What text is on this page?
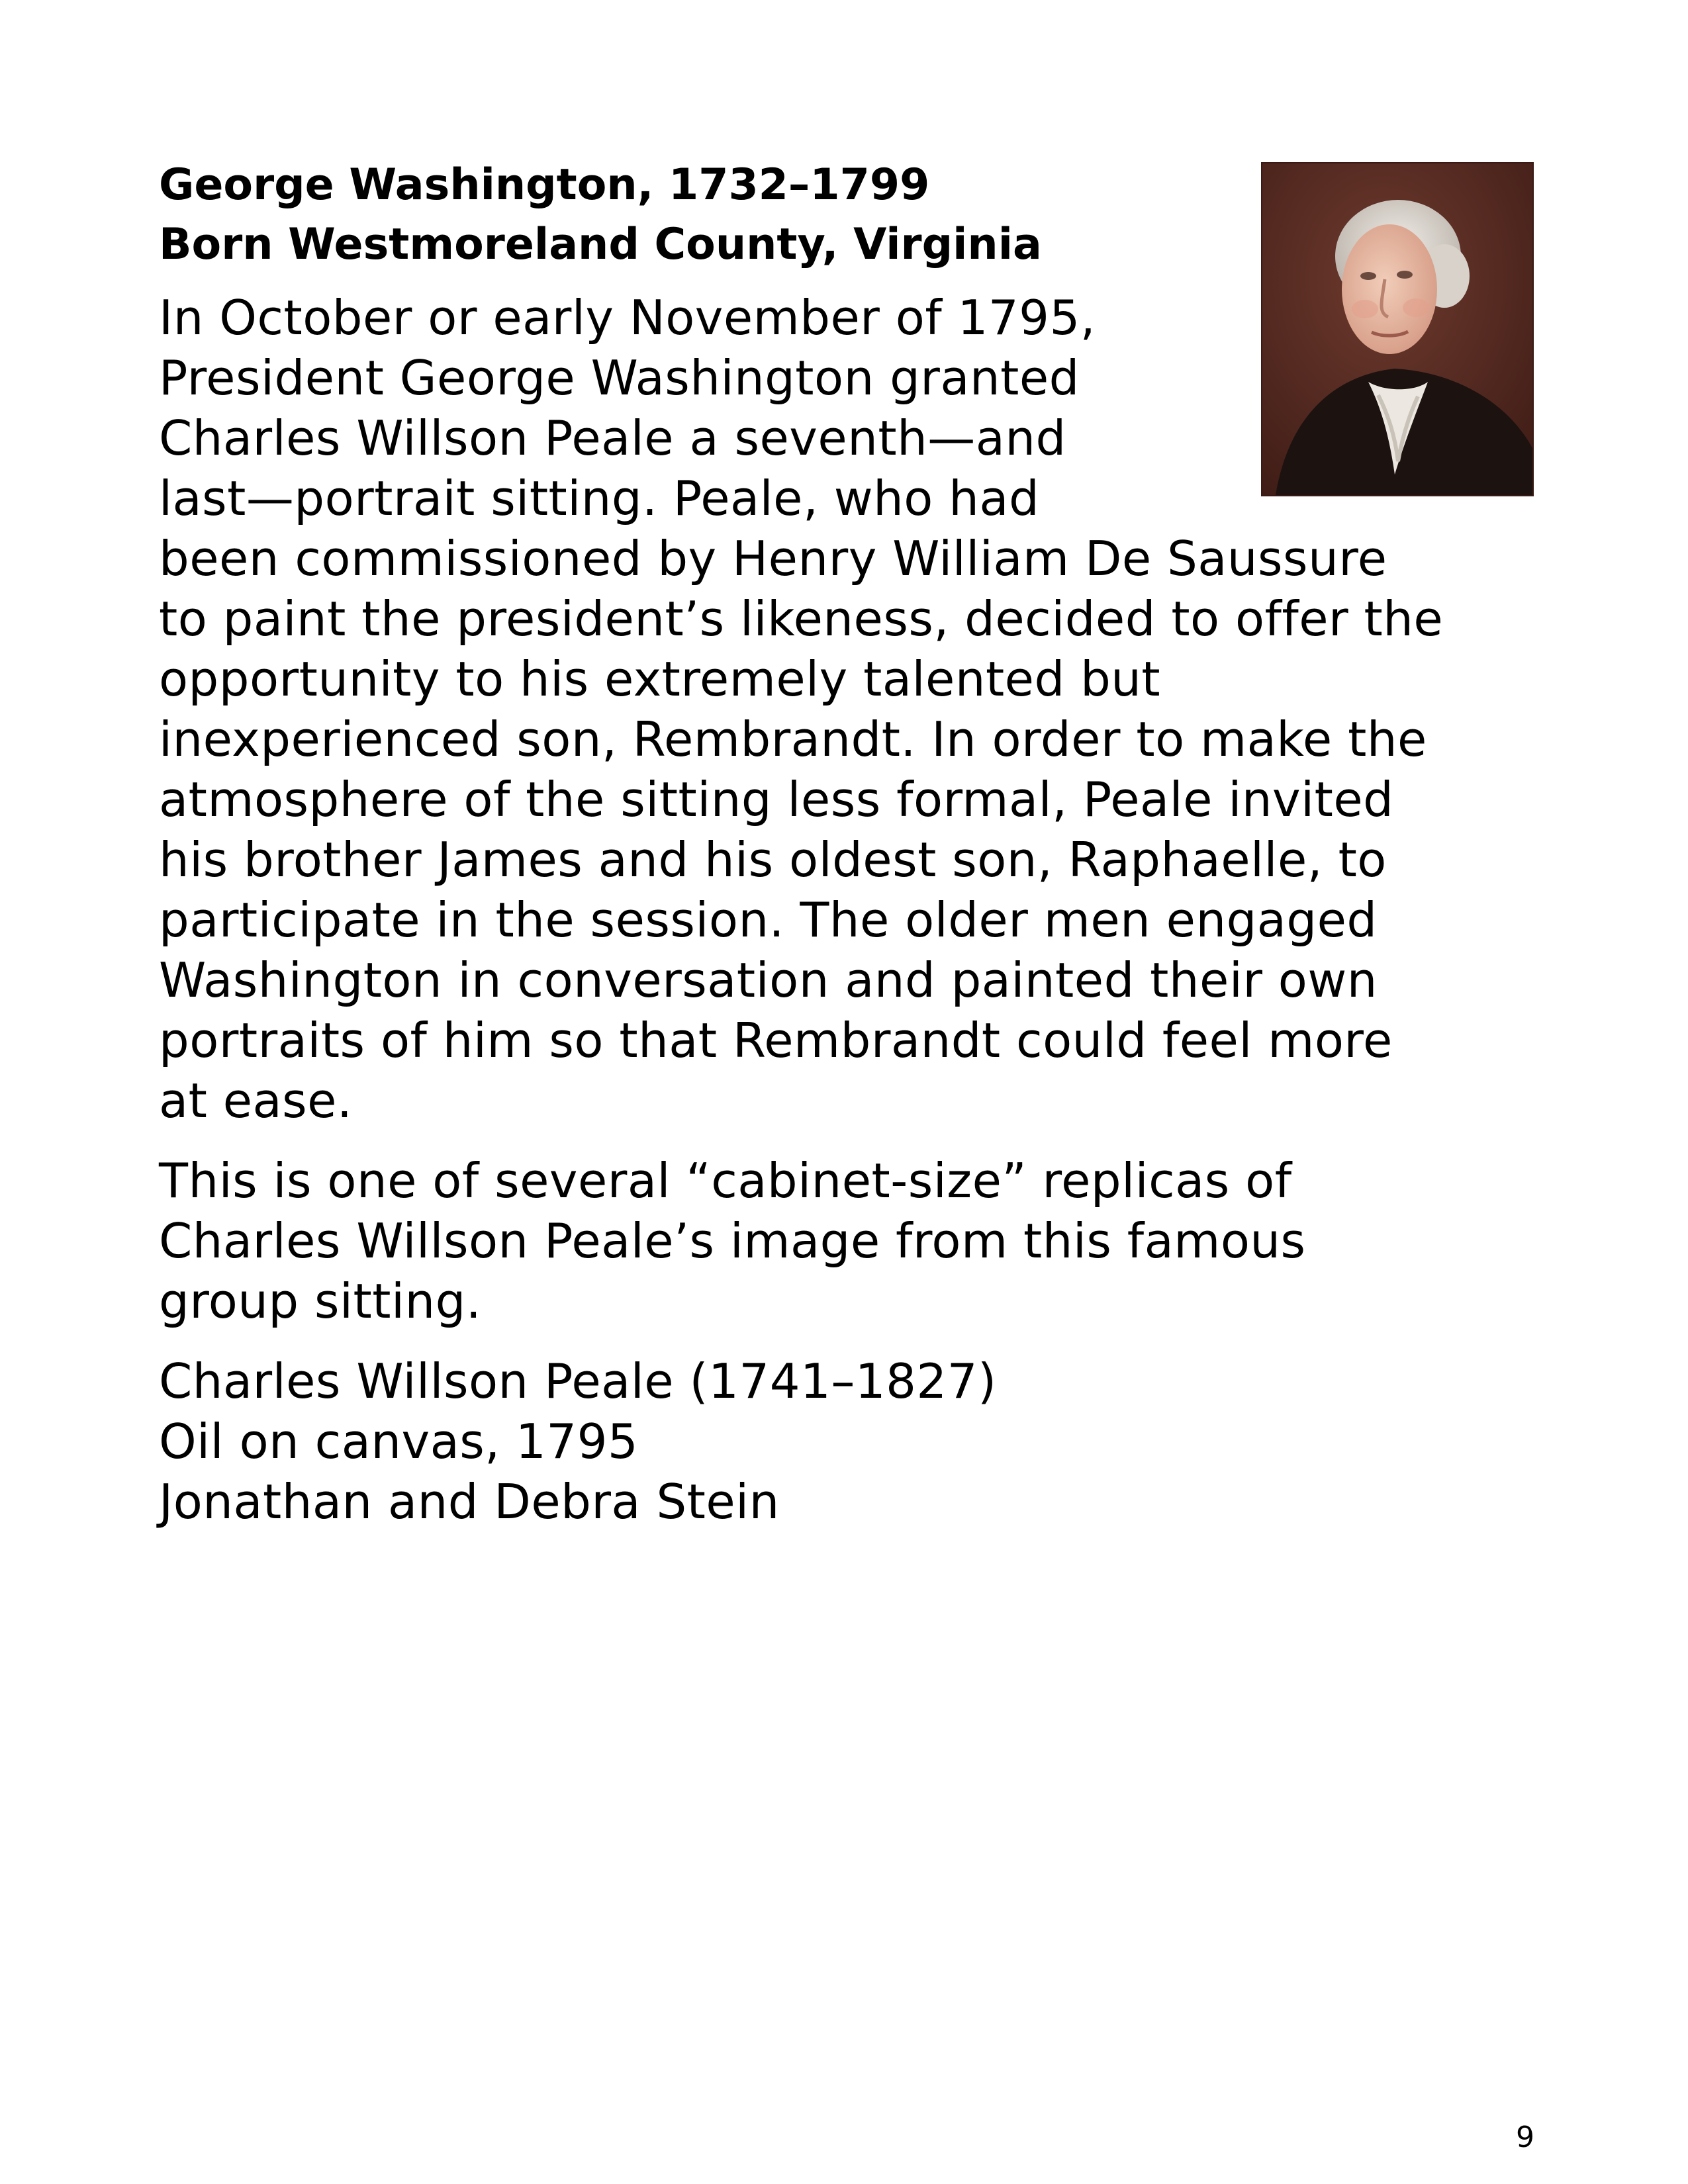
George Washington, 1732–1799
Born Westmoreland County, Virginia
In October or early November of 1795,
President George Washington granted
Charles Willson Peale a seventh—and
last—portrait sitting. Peale, who had
been commissioned by Henry William De Saussure
to paint the president’s likeness, decided to offer the
opportunity to his extremely talented but
inexperienced son, Rembrandt. In order to make the
atmosphere of the sitting less formal, Peale invited
his brother James and his oldest son, Raphaelle, to
participate in the session. The older men engaged
Washington in conversation and painted their own
portraits of him so that Rembrandt could feel more
at ease.
This is one of several “cabinet-size” replicas of
Charles Willson Peale’s image from this famous
group sitting.
Charles Willson Peale (1741–1827)
Oil on canvas, 1795
Jonathan and Debra Stein
9
